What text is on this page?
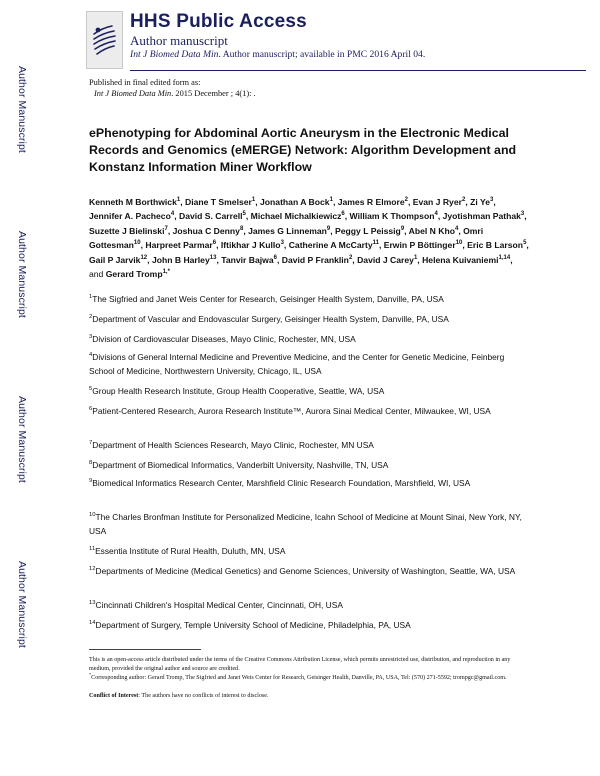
HHS Public Access
Author manuscript
Int J Biomed Data Min. Author manuscript; available in PMC 2016 April 04.
Author Manuscript
Author Manuscript
Author Manuscript
Author Manuscript
Published in final edited form as:
Int J Biomed Data Min. 2015 December ; 4(1): .
ePhenotyping for Abdominal Aortic Aneurysm in the Electronic Medical Records and Genomics (eMERGE) Network: Algorithm Development and Konstanz Information Miner Workflow
Kenneth M Borthwick$^1$, Diane T Smelser$^1$, Jonathan A Bock$^1$, James R Elmore$^2$, Evan J Ryer$^2$, Zi Ye$^3$, Jennifer A. Pacheco$^4$, David S. Carrell$^5$, Michael Michalkiewicz$^6$, William K Thompson$^4$, Jyotishman Pathak$^3$, Suzette J Bielinski$^7$, Joshua C Denny$^8$, James G Linneman$^9$, Peggy L Peissig$^9$, Abel N Kho$^4$, Omri Gottesman$^{10}$, Harpreet Parmar$^6$, Iftikhar J Kullo$^3$, Catherine A McCarty$^{11}$, Erwin P Böttinger$^{10}$, Eric B Larson$^5$, Gail P Jarvik$^{12}$, John B Harley$^{13}$, Tanvir Bajwa$^6$, David P Franklin$^2$, David J Carey$^1$, Helena Kuivaniemi$^{1,14}$, and Gerard Tromp$^{1,*}$
$^1$The Sigfried and Janet Weis Center for Research, Geisinger Health System, Danville, PA, USA
$^2$Department of Vascular and Endovascular Surgery, Geisinger Health System, Danville, PA, USA
$^3$Division of Cardiovascular Diseases, Mayo Clinic, Rochester, MN, USA
$^4$Divisions of General Internal Medicine and Preventive Medicine, and the Center for Genetic Medicine, Feinberg School of Medicine, Northwestern University, Chicago, IL, USA
$^5$Group Health Research Institute, Group Health Cooperative, Seattle, WA, USA
$^6$Patient-Centered Research, Aurora Research Institute™, Aurora Sinai Medical Center, Milwaukee, WI, USA
$^7$Department of Health Sciences Research, Mayo Clinic, Rochester, MN USA
$^8$Department of Biomedical Informatics, Vanderbilt University, Nashville, TN, USA
$^9$Biomedical Informatics Research Center, Marshfield Clinic Research Foundation, Marshfield, WI, USA
$^{10}$The Charles Bronfman Institute for Personalized Medicine, Icahn School of Medicine at Mount Sinai, New York, NY, USA
$^{11}$Essentia Institute of Rural Health, Duluth, MN, USA
$^{12}$Departments of Medicine (Medical Genetics) and Genome Sciences, University of Washington, Seattle, WA, USA
$^{13}$Cincinnati Children's Hospital Medical Center, Cincinnati, OH, USA
$^{14}$Department of Surgery, Temple University School of Medicine, Philadelphia, PA, USA
This is an open-access article distributed under the terms of the Creative Commons Attribution License, which permits unrestricted use, distribution, and reproduction in any medium, provided the original author and source are credited.
*Corresponding author: Gerard Tromp, The Sigfried and Janet Weis Center for Research, Geisinger Health, Danville, PA, USA, Tel: (570) 271-5592; trompgc@gmail.com.
Conflict of Interest: The authors have no conflicts of interest to disclose.
